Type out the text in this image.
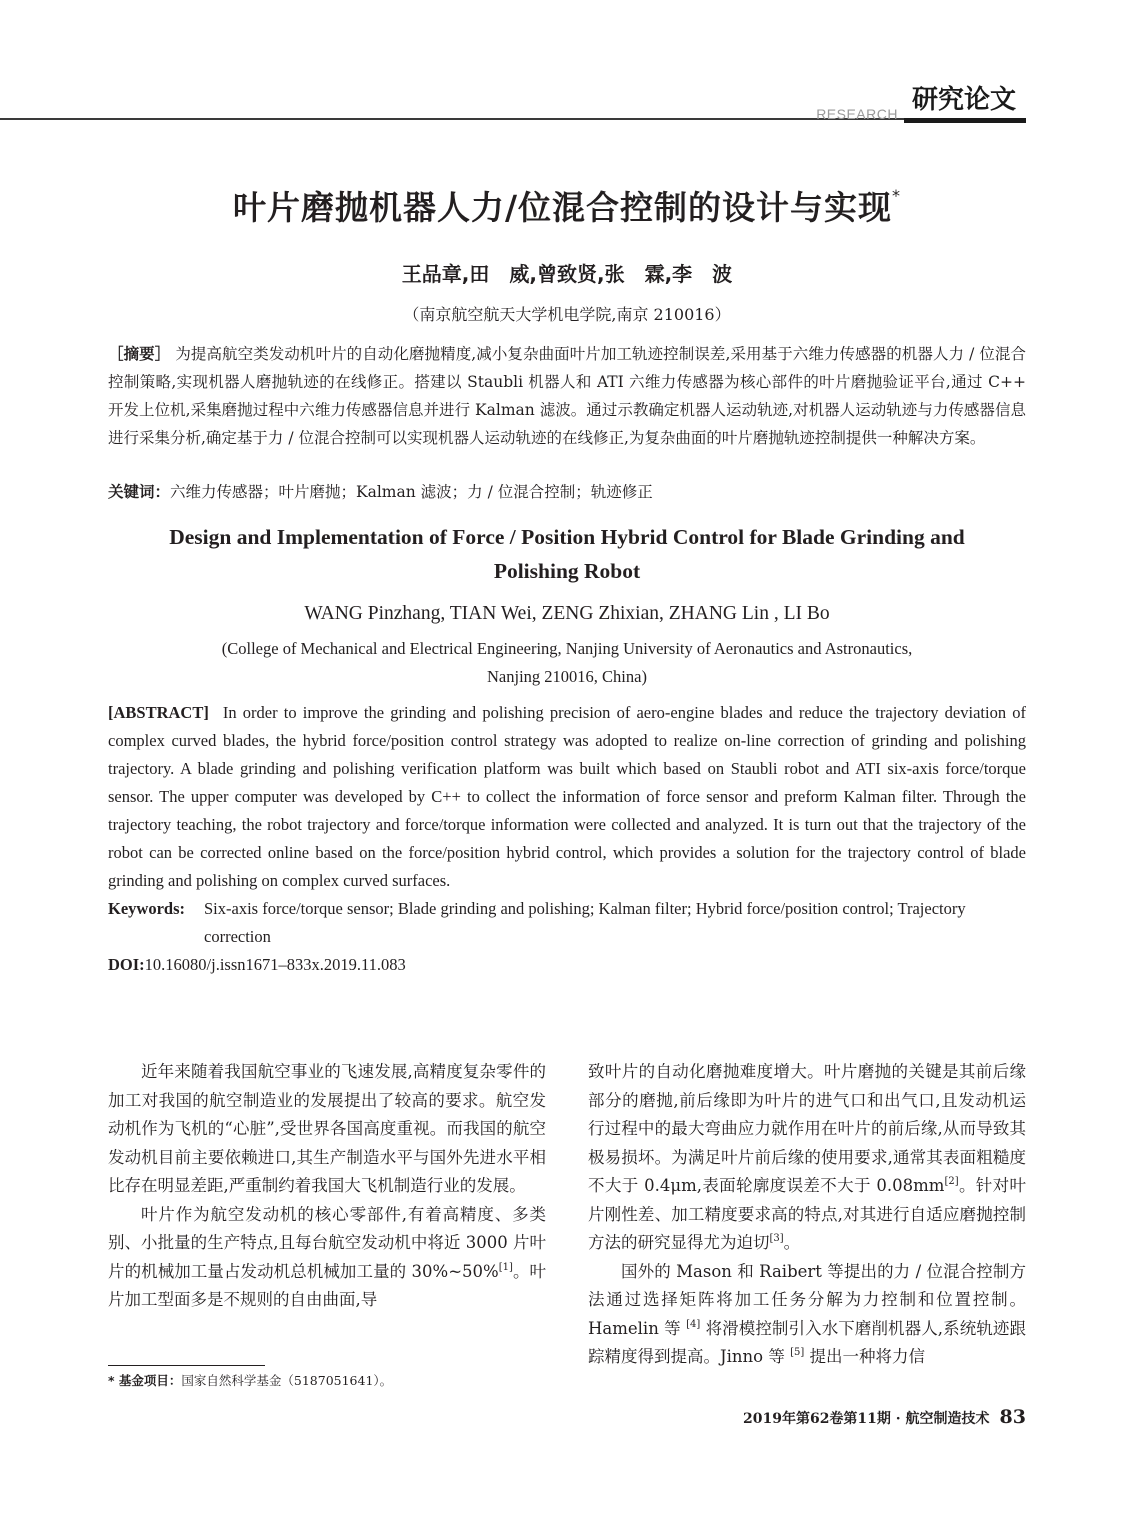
RESEARCH 研究论文
叶片磨抛机器人力/位混合控制的设计与实现*
王品章,田　威,曾致贤,张　霖,李　波
（南京航空航天大学机电学院,南京 210016）
［摘要］ 为提高航空类发动机叶片的自动化磨抛精度,减小复杂曲面叶片加工轨迹控制误差,采用基于六维力传感器的机器人力 / 位混合控制策略,实现机器人磨抛轨迹的在线修正。搭建以 Staubli 机器人和 ATI 六维力传感器为核心部件的叶片磨抛验证平台,通过 C++ 开发上位机,采集磨抛过程中六维力传感器信息并进行 Kalman 滤波。通过示教确定机器人运动轨迹,对机器人运动轨迹与力传感器信息进行采集分析,确定基于力 / 位混合控制可以实现机器人运动轨迹的在线修正,为复杂曲面的叶片磨抛轨迹控制提供一种解决方案。
关键词：六维力传感器；叶片磨抛；Kalman 滤波；力 / 位混合控制；轨迹修正
Design and Implementation of Force / Position Hybrid Control for Blade Grinding and
Polishing Robot
WANG Pinzhang, TIAN Wei, ZENG Zhixian, ZHANG Lin , LI Bo
(College of Mechanical and Electrical Engineering, Nanjing University of Aeronautics and Astronautics,
Nanjing 210016, China)
[ABSTRACT] In order to improve the grinding and polishing precision of aero-engine blades and reduce the trajectory deviation of complex curved blades, the hybrid force/position control strategy was adopted to realize on-line correction of grinding and polishing trajectory. A blade grinding and polishing verification platform was built which based on Staubli robot and ATI six-axis force/torque sensor. The upper computer was developed by C++ to collect the information of force sensor and preform Kalman filter. Through the trajectory teaching, the robot trajectory and force/torque information were collected and analyzed. It is turn out that the trajectory of the robot can be corrected online based on the force/position hybrid control, which provides a solution for the trajectory control of blade grinding and polishing on complex curved surfaces.
Keywords:	Six-axis force/torque sensor; Blade grinding and polishing; Kalman filter; Hybrid force/position control; Trajectory correction
DOI:10.16080/j.issn1671–833x.2019.11.083

近年来随着我国航空事业的飞速发展,高精度复杂零件的加工对我国的航空制造业的发展提出了较高的要求。航空发动机作为飞机的“心脏”,受世界各国高度重视。而我国的航空发动机目前主要依赖进口,其生产制造水平与国外先进水平相比存在明显差距,严重制约着我国大飞机制造行业的发展。

叶片作为航空发动机的核心零部件,有着高精度、多类别、小批量的生产特点,且每台航空发动机中将近 3000 片叶片的机械加工量占发动机总机械加工量的 30%~50%[1]。叶片加工型面多是不规则的自由曲面,导

致叶片的自动化磨抛难度增大。叶片磨抛的关键是其前后缘部分的磨抛,前后缘即为叶片的进气口和出气口,且发动机运行过程中的最大弯曲应力就作用在叶片的前后缘,从而导致其极易损坏。为满足叶片前后缘的使用要求,通常其表面粗糙度不大于 0.4μm,表面轮廓度误差不大于 0.08mm[2]。针对叶片刚性差、加工精度要求高的特点,对其进行自适应磨抛控制方法的研究显得尤为迫切[3]。

国外的 Mason 和 Raibert 等提出的力 / 位混合控制方法通过选择矩阵将加工任务分解为力控制和位置控制。Hamelin 等 [4] 将滑模控制引入水下磨削机器人,系统轨迹跟踪精度得到提高。Jinno 等 [5] 提出一种将力信

* 基金项目：国家自然科学基金（5187051641）。
2019年第62卷第11期 · 航空制造技术 83
